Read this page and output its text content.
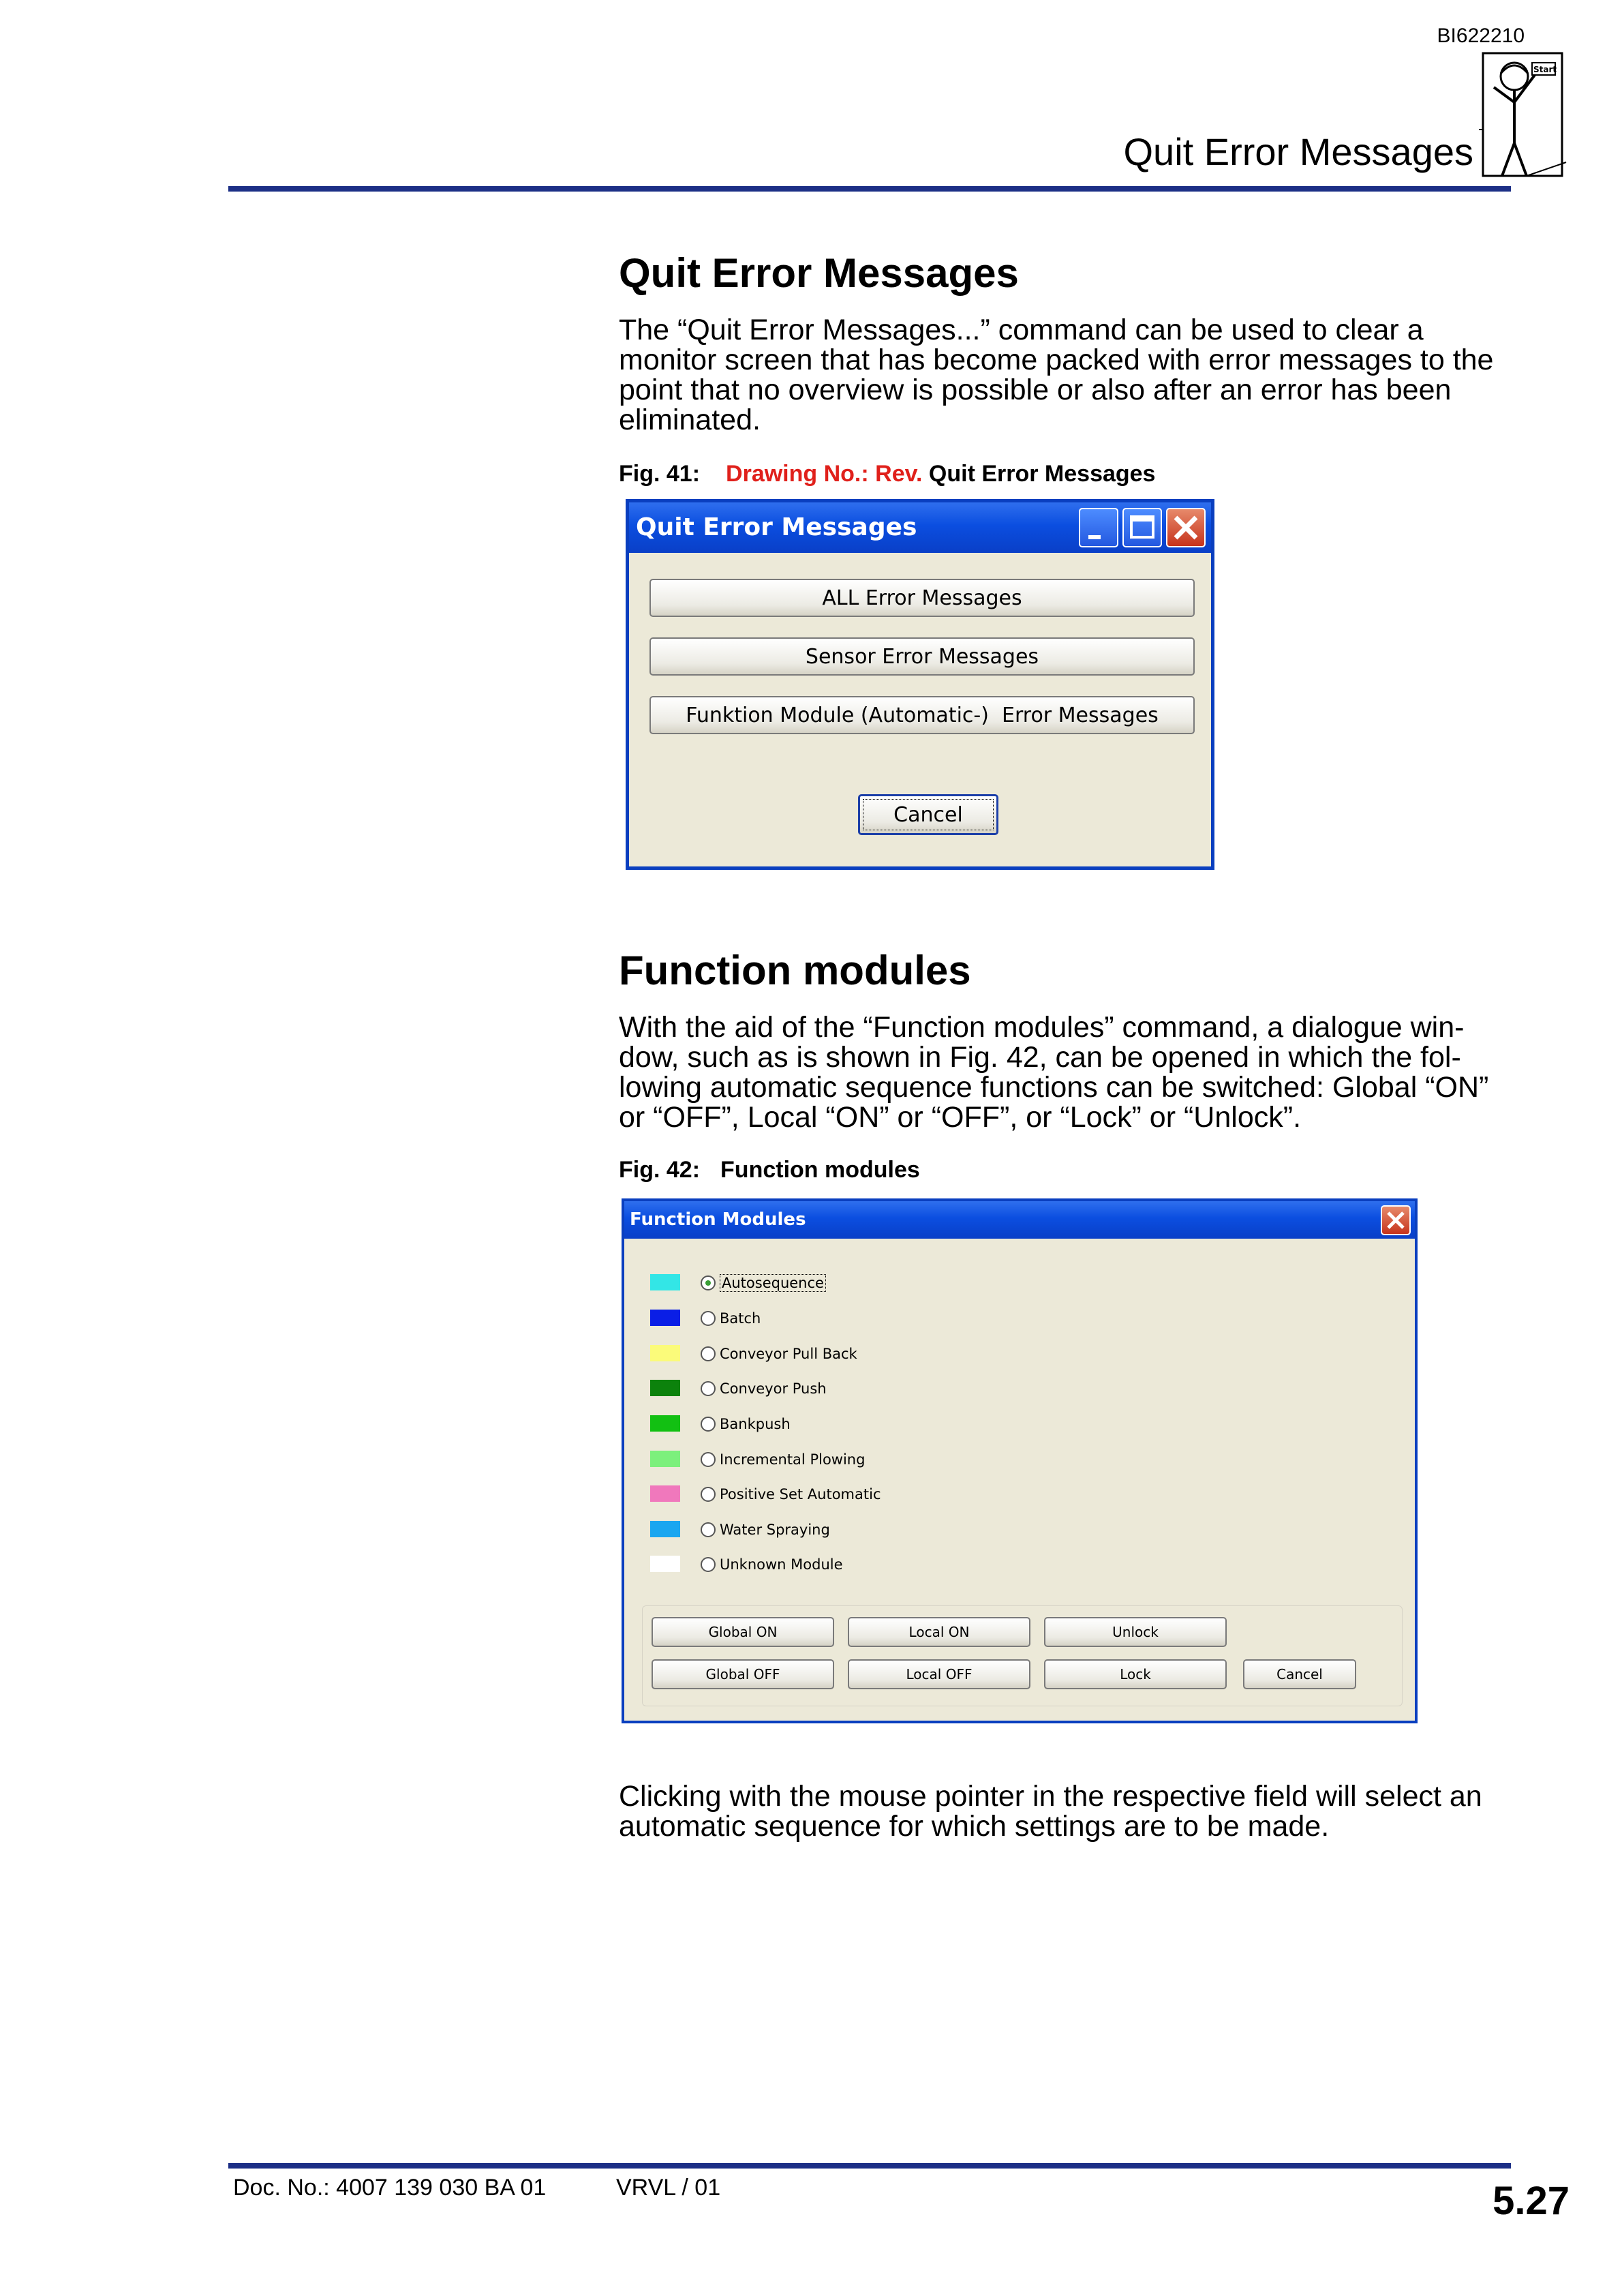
BI622210
Quit Error Messages
Start
Quit Error Messages
The “Quit Error Messages...” command can be used to clear a
monitor screen that has become packed with error messages to the
point that no overview is possible or also after an error has been
eliminated.
Fig. 41: Drawing No.: Rev. Quit Error Messages
Quit Error Messages
ALL Error Messages
Sensor Error Messages
Funktion Module (Automatic-)  Error Messages
Cancel
Function modules
With the aid of the “Function modules” command, a dialogue win-
dow, such as is shown in Fig. 42, can be opened in which the fol-
lowing automatic sequence functions can be switched: Global “ON”
or “OFF”, Local “ON” or “OFF”, or “Lock” or “Unlock”.
Fig. 42: Function modules
Function Modules
Autosequence
Batch
Conveyor Pull Back
Conveyor Push
Bankpush
Incremental Plowing
Positive Set Automatic
Water Spraying
Unknown Module
Global ON	Local ON	Unlock
Global OFF	Local OFF	Lock	Cancel
Clicking with the mouse pointer in the respective field will select an
automatic sequence for which settings are to be made.
Doc. No.: 4007 139 030 BA 01	VRVL / 01	5.27
